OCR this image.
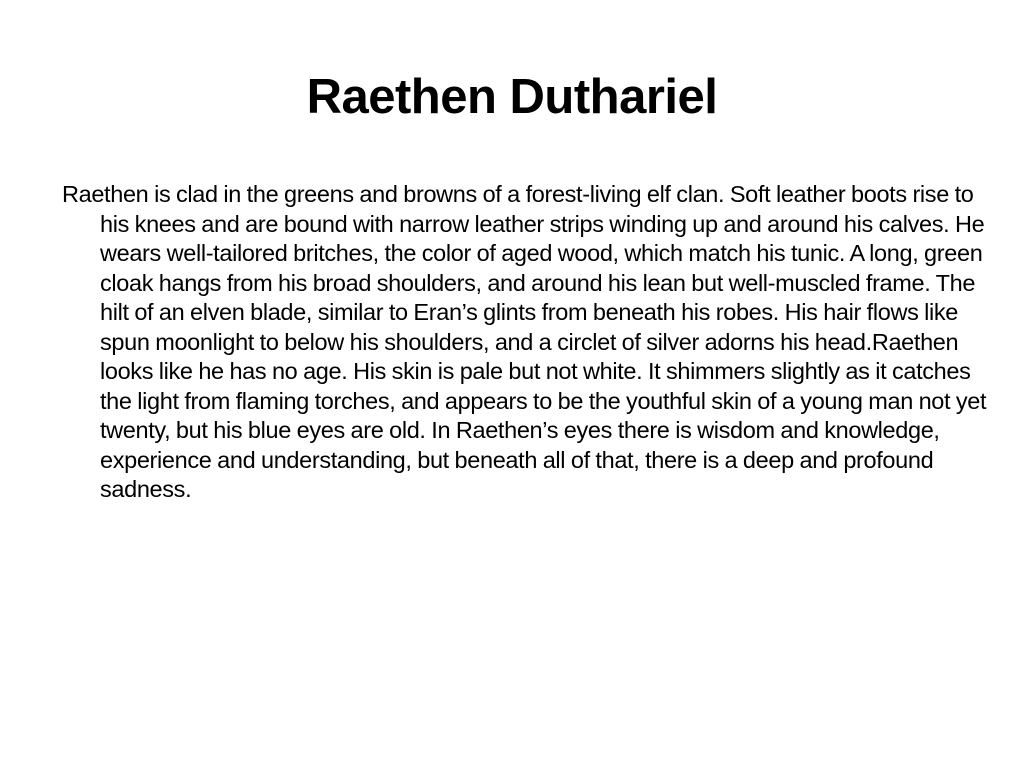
Raethen Duthariel

Raethen is clad in the greens and browns of a forest-living elf clan. Soft leather boots rise to his knees and are bound with narrow leather strips winding up and around his calves. He wears well-tailored britches, the color of aged wood, which match his tunic. A long, green cloak hangs from his broad shoulders, and around his lean but well-muscled frame. The hilt of an elven blade, similar to Eran’s glints from beneath his robes. His hair flows like spun moonlight to below his shoulders, and a circlet of silver adorns his head.Raethen looks like he has no age. His skin is pale but not white. It shimmers slightly as it catches the light from flaming torches, and appears to be the youthful skin of a young man not yet twenty, but his blue eyes are old. In Raethen’s eyes there is wisdom and knowledge, experience and understanding, but beneath all of that, there is a deep and profound sadness.
